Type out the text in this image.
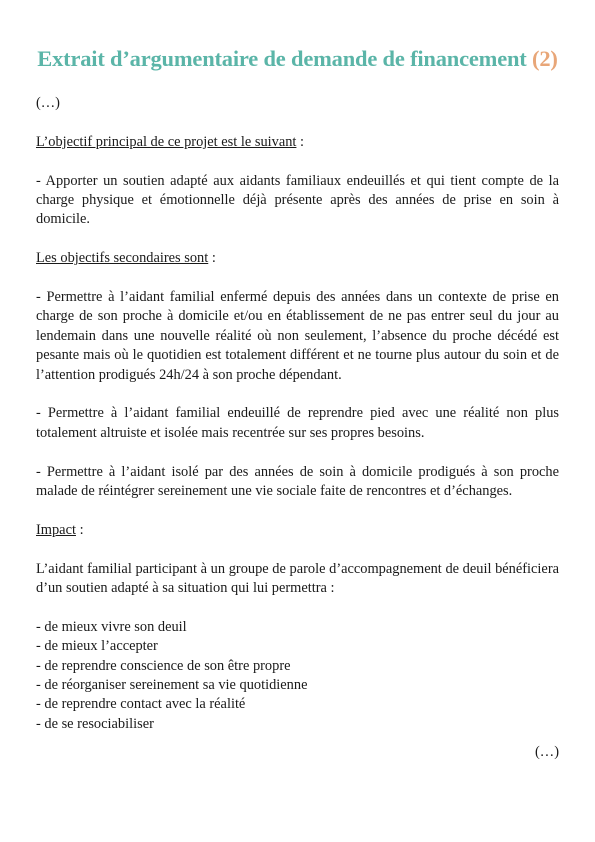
Extrait d’argumentaire de demande de financement (2)

(…)

L’objectif principal de ce projet est le suivant :

- Apporter un soutien adapté aux aidants familiaux endeuillés et qui tient compte de la charge physique et émotionnelle déjà présente après des années de prise en soin à domicile.

Les objectifs secondaires sont :

- Permettre à l’aidant familial enfermé depuis des années dans un contexte de prise en charge de son proche à domicile et/ou en établissement de ne pas entrer seul du jour au lendemain dans une nouvelle réalité où non seulement, l’absence du proche décédé est pesante mais où le quotidien est totalement différent et ne tourne plus autour du soin et de l’attention prodigués 24h/24 à son proche dépendant.

- Permettre à l’aidant familial endeuillé de reprendre pied avec une réalité non plus totalement altruiste et isolée mais recentrée sur ses propres besoins.

- Permettre à l’aidant isolé par des années de soin à domicile prodigués à son proche malade de réintégrer sereinement une vie sociale faite de rencontres et d’échanges.

Impact :

L’aidant familial participant à un groupe de parole d’accompagnement de deuil bénéficiera d’un soutien adapté à sa situation qui lui permettra :

- de mieux vivre son deuil
- de mieux l’accepter
- de reprendre conscience de son être propre
- de réorganiser sereinement sa vie quotidienne
- de reprendre contact avec la réalité
- de se resociabiliser

(…)
